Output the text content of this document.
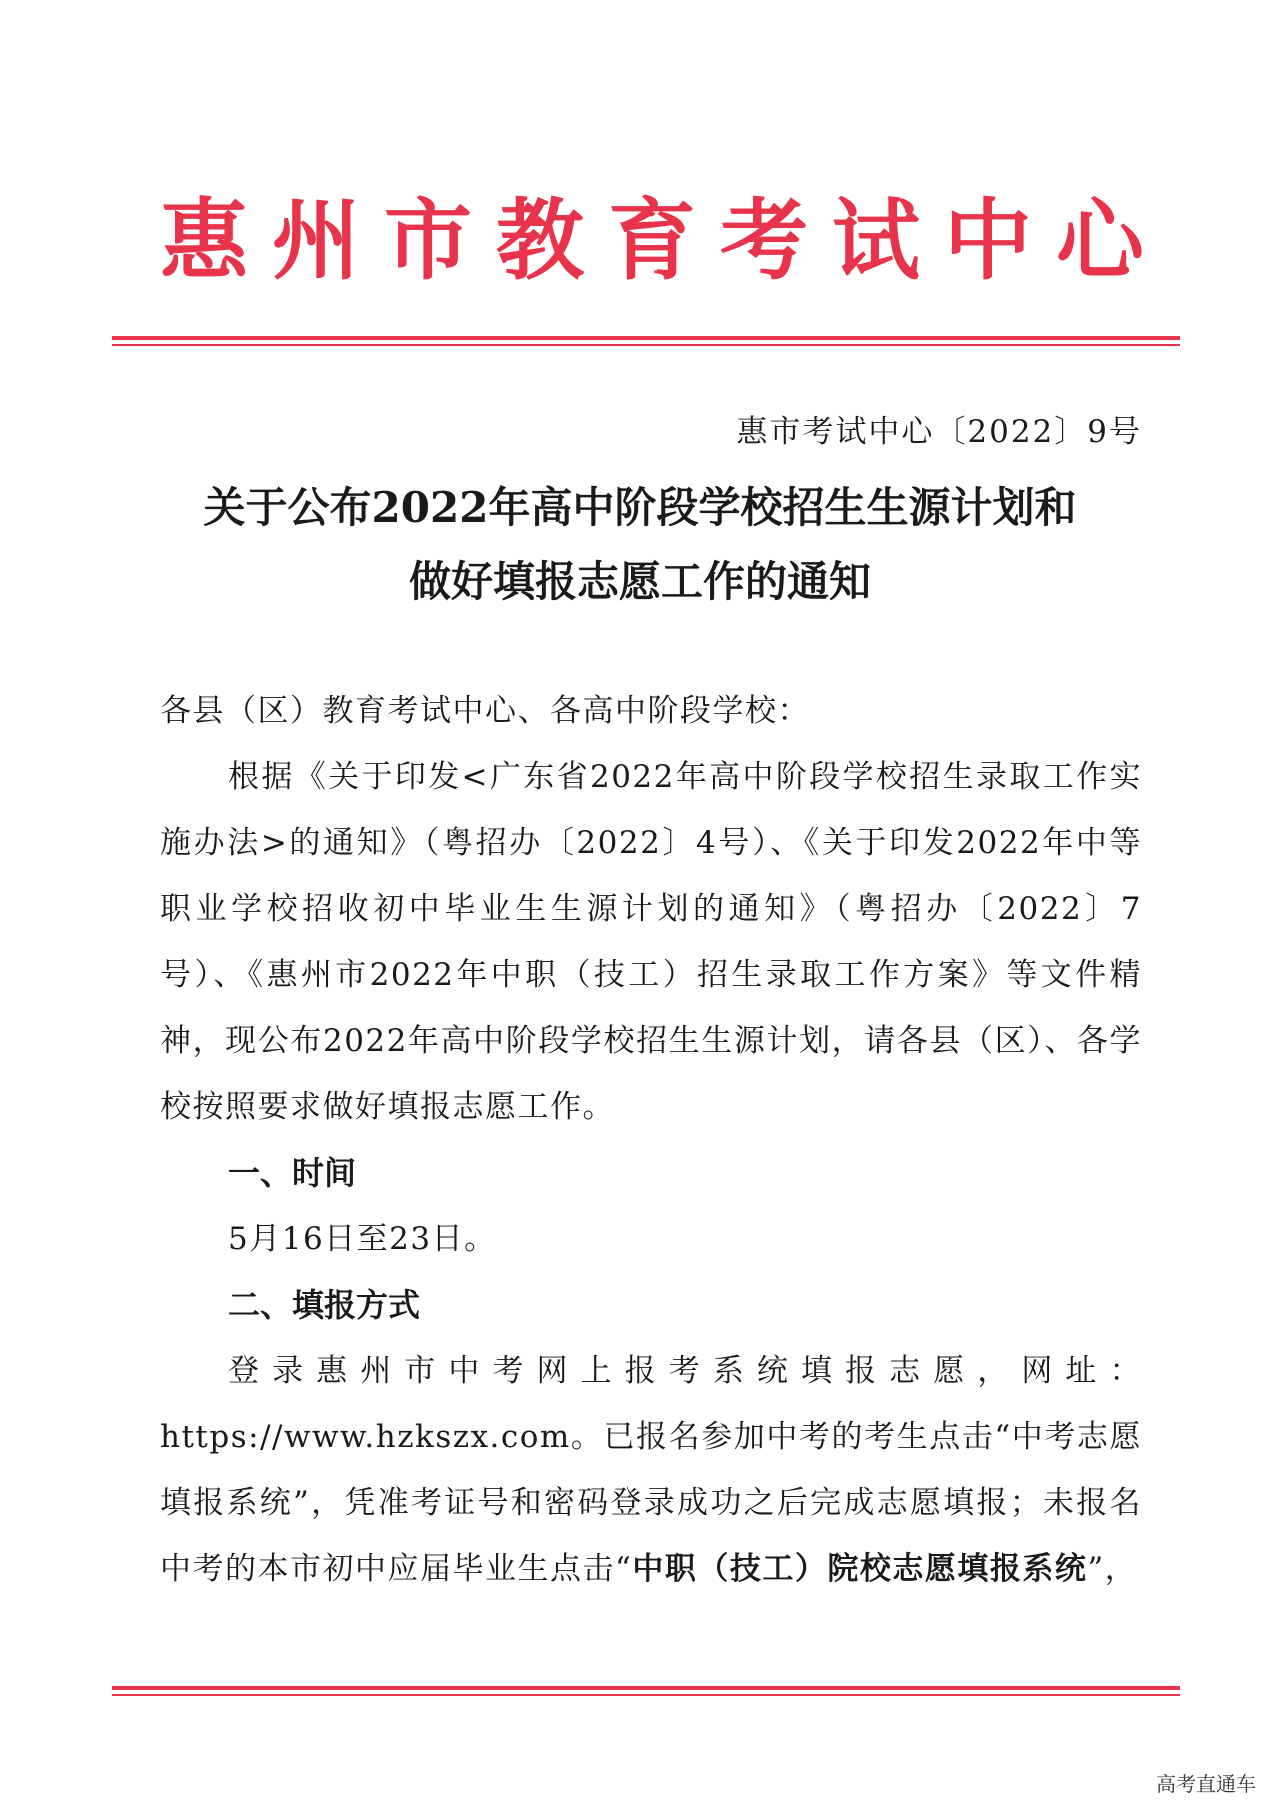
惠州市教育考试中心
惠市考试中心〔2022〕9号
关于公布2022年高中阶段学校招生生源计划和
做好填报志愿工作的通知
各县（区）教育考试中心、各高中阶段学校：
根据《关于印发<广东省2022年高中阶段学校招生录取工作实施办法>的通知》（粤招办〔2022〕4号）、《关于印发2022年中等职业学校招收初中毕业生生源计划的通知》（粤招办〔2022〕7号）、《惠州市2022年中职（技工）招生录取工作方案》等文件精神，现公布2022年高中阶段学校招生生源计划，请各县（区）、各学校按照要求做好填报志愿工作。
一、时间
5月16日至23日。
二、填报方式
登录惠州市中考网上报考系统填报志愿，网址：https://www.hzkszx.com。已报名参加中考的考生点击“中考志愿填报系统”，凭准考证号和密码登录成功之后完成志愿填报；未报名中考的本市初中应届毕业生点击“中职（技工）院校志愿填报系统”，
高考直通车
